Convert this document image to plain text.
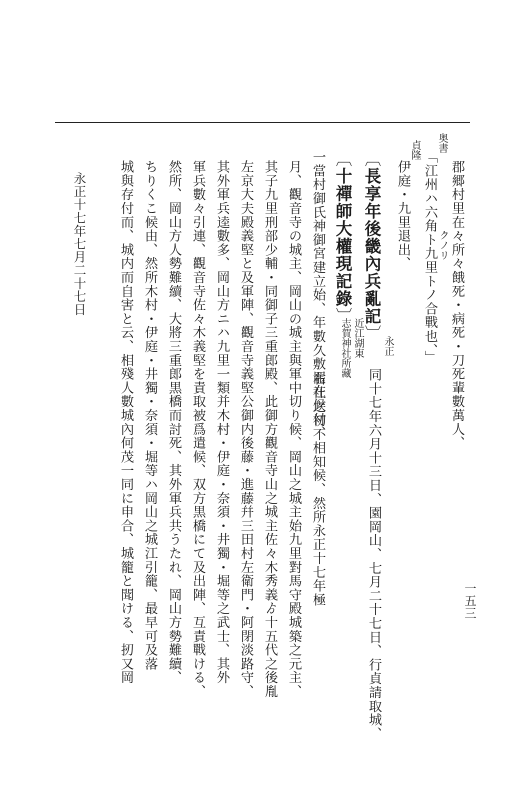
一五三
郡郷村里在々所々餓死・病死・刀死輩數萬人、
奥書
「江州ハ六角ト九里トノ合戰也、」 クノリ
貞隆
伊庭・九里退出、
〔長享年後畿內兵亂記〕
永正
同十七年六月十三日、園岡山、七月二十七日、行貞請取城、
〔十禪師大權現記錄〕
近江湖東
志賀神社所藏
右社之初不相知候、然所永正十七年極
一當村御氏神御宮建立始、年數久敷罷在候付、
月、觀音寺の城主、岡山の城主與軍中切り候、岡山之城主始九里對馬守殿城築之元主、
其子九里刑部少輔・同御子三重郎殿、此御方觀音寺山之城主佐々木秀義ゟ十五代之後胤
左京大夫殿義堅と及軍陣、觀音寺義堅公御内後藤・進藤幷三田村左衛門・阿閉淡路守、
其外軍兵逵數多、岡山方ニハ九里一類并木村・伊庭・奈須・井獨・堀等之武士、其外
軍兵數々引連、觀音寺佐々木義堅を責取被爲遣候、双方黒橋にて及出陣、互責戰ける、
然所、岡山方人勢難續、大將三重郎黒橋而討死、其外軍兵共うたれ、岡山方勢難續、
ちりくこ候由、然所木村・伊庭・井獨・奈須・堀等ハ岡山之城江引籠、最早可及落
城與存付而、城内而自害と云、相殘人數城內何茂一同に申合、城籠と聞ける、扨又岡
永正十七年七月二十七日
